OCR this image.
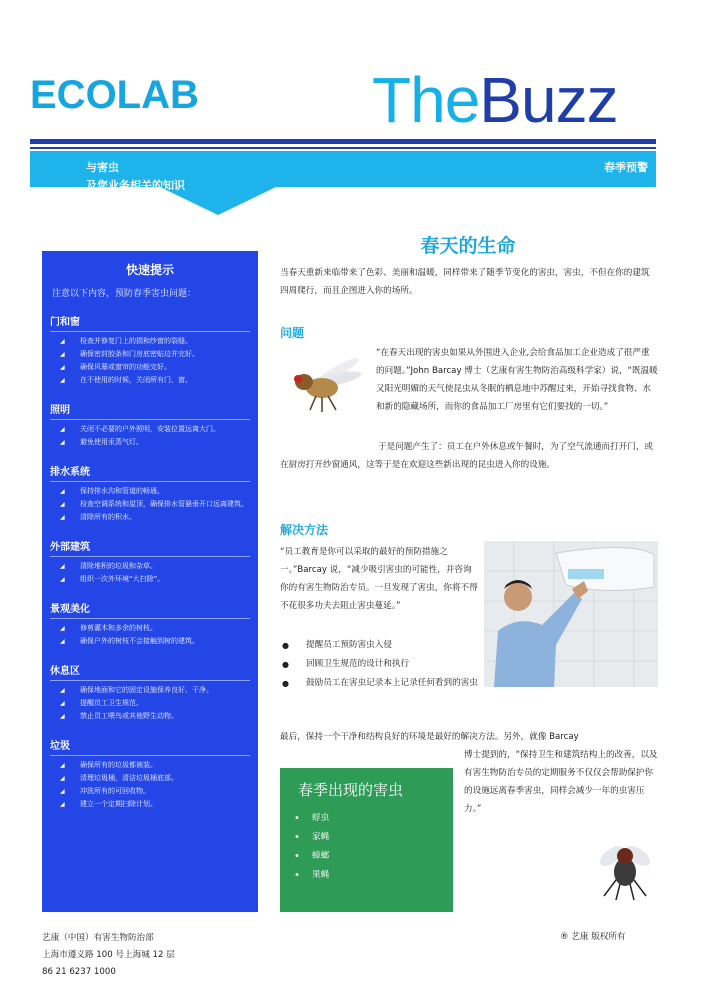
ECOLAB	TheBuzz
与害虫
及您业务相关的知识
春季预警
快速提示
注意以下内容，预防春季害虫问题：
门和窗
◢ 检查并修复门上的损和纱窗的裂缝。
◢ 确保密封胶条和门房底密贴边并完好。
◢ 确保风幕或窗帘的功能完好。
◢ 在不使用的时候，关闭所有门、窗。
照明
◢ 关闭不必要的户外照明，安装位置远离大门。
◢ 避免使用汞蒸气灯。
排水系统
◢ 保持排水沟和管道的畅通。
◢ 检查空调系统和屋顶，确保排水管悬垂开口远离建筑。
◢ 清除所有的积水。
外部建筑
◢ 清除堆积的垃圾和杂草。
◢ 组织一次外环境“大扫除”。
景观美化
◢ 修剪灌木和多余的树枝。
◢ 确保户外的树枝不会接触到树的建筑。
休息区
◢ 确保地面和它的固定设施保养良好、干净。
◢ 提醒员工卫生规范。
◢ 禁止员工喂鸟或其他野生动物。
垃圾
◢ 确保所有的垃圾都被装。
◢ 清理垃圾桶，清洁垃圾桶底部。
◢ 冲洗所有的可回收物。
◢ 建立一个定期扫除计划。
春天的生命
当春天重新来临带来了色彩、美丽和温暖，同样带来了随季节变化的害虫，害虫，不但在你的建筑四周爬行，而且企图进入你的场所。
问题
“在春天出现的害虫如果从外围进入企业,会给食品加工企业造成了很严重的问题。”John Barcay 博士（艺康有害生物防治高级科学家）说，“既温暖又阳光明媚的天气使昆虫从冬眠的栖息地中苏醒过来，开始寻找食物、水和新的隐藏场所，而你的食品加工厂房里有它们要找的一切。”
于是问题产生了：员工在户外休息或午餐时，为了空气流通而打开门，或在厨房打开纱窗通风，这等于是在欢迎这些新出现的昆虫进入你的设施。
解决方法
“员工教育是你可以采取的最好的预防措施之一。”Barcay 说，“减少吸引害虫的可能性，并咨询你的有害生物防治专员。一旦发现了害虫，你将不得不花很多功夫去阻止害虫蔓延。”
● 提醒员工预防害虫入侵
● 回顾卫生规范的设计和执行
● 鼓励员工在害虫记录本上记录任何看到的害虫
最后，保持一个干净和结构良好的环境是最好的解决方法。另外，就像 Barcay
博士提到的，“保持卫生和建筑结构上的改善，以及有害生物防治专员的定期服务不仅仅会帮助保护你的设施远离春季害虫，同样会减少一年的虫害压力。”
春季出现的害虫
• 蜉虫
• 家蝇
• 蟑螂
• 果蝇
艺康（中国）有害生物防治部
上海市遵义路 100 号上海城 12 层
86 21 6237 1000
® 艺康 版权所有
